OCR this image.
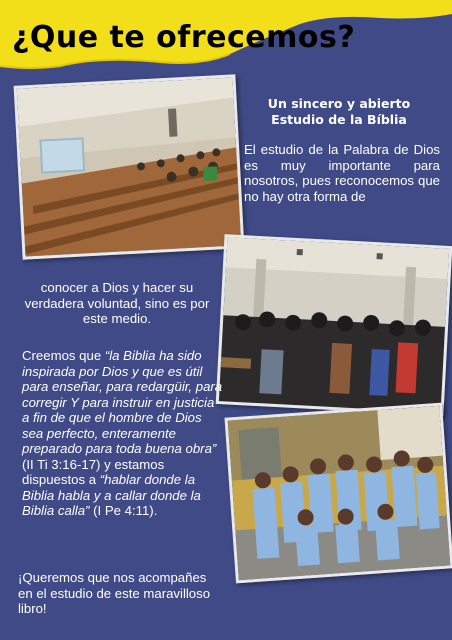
¿Que te ofrecemos?
Un sincero y abierto
Estudio de la Bíblia
El estudio de la Palabra de Dios es muy importante para nosotros, pues reconocemos que no hay otra forma de
conocer a Dios y hacer su verdadera voluntad, sino es por este medio.
Creemos que “la Biblia ha sido inspirada por Dios y que es útil para enseñar, para redargüir, para corregir Y para instruir en justicia a fin de que el hombre de Dios sea perfecto, enteramente preparado para toda buena obra” (II Ti 3:16-17) y estamos dispuestos a “hablar donde la Biblia habla y a callar donde la Biblia calla” (I Pe 4:11).
¡Queremos que nos acompañes en el estudio de este maravilloso libro!
